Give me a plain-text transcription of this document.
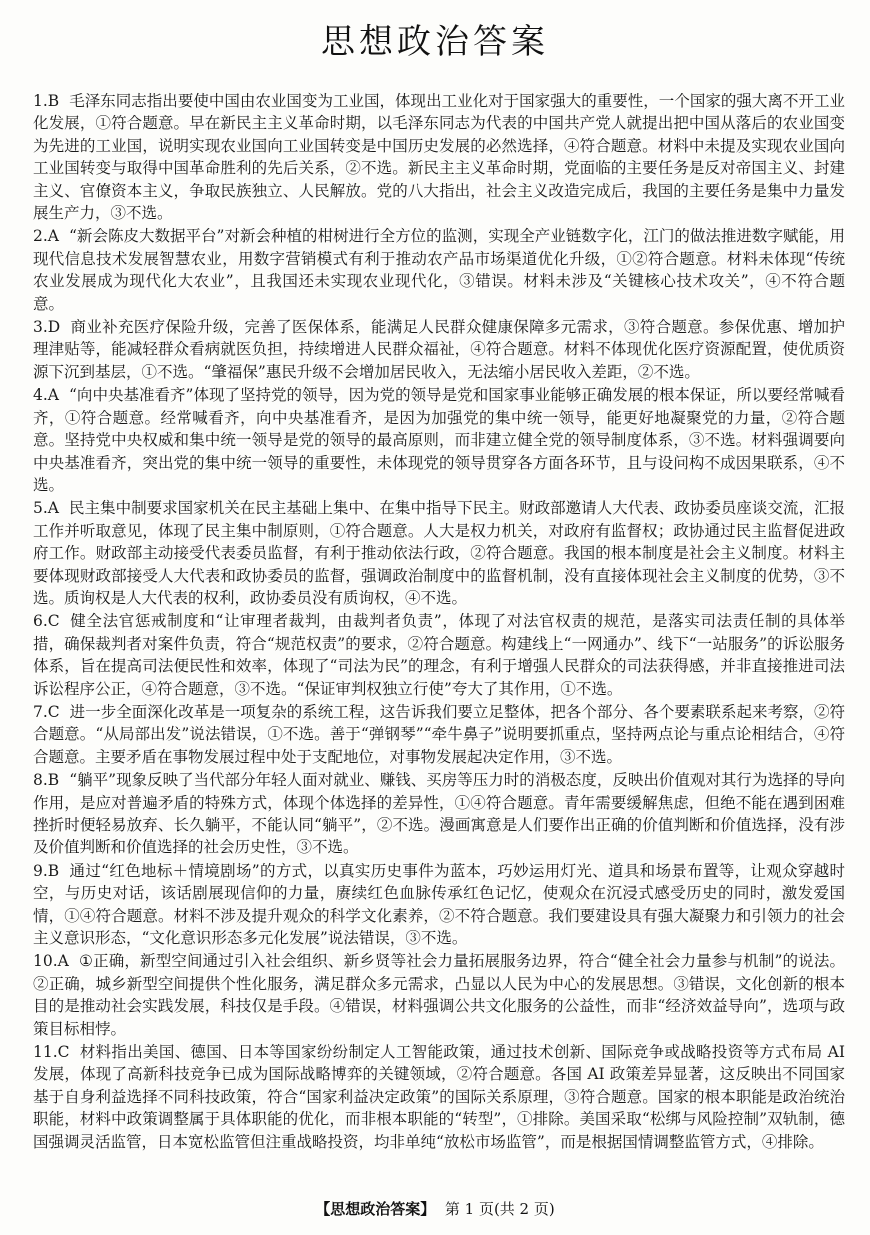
思想政治答案

1.B 毛泽东同志指出要使中国由农业国变为工业国，体现出工业化对于国家强大的重要性，一个国家的强大离不开工业化发展，①符合题意。早在新民主主义革命时期，以毛泽东同志为代表的中国共产党人就提出把中国从落后的农业国变为先进的工业国，说明实现农业国向工业国转变是中国历史发展的必然选择，④符合题意。材料中未提及实现农业国向工业国转变与取得中国革命胜利的先后关系，②不选。新民主主义革命时期，党面临的主要任务是反对帝国主义、封建主义、官僚资本主义，争取民族独立、人民解放。党的八大指出，社会主义改造完成后，我国的主要任务是集中力量发展生产力，③不选。

2.A “新会陈皮大数据平台”对新会种植的柑树进行全方位的监测，实现全产业链数字化，江门的做法推进数字赋能，用现代信息技术发展智慧农业，用数字营销模式有利于推动农产品市场渠道优化升级，①②符合题意。材料未体现“传统农业发展成为现代化大农业”，且我国还未实现农业现代化，③错误。材料未涉及“关键核心技术攻关”，④不符合题意。

3.D 商业补充医疗保险升级，完善了医保体系，能满足人民群众健康保障多元需求，③符合题意。参保优惠、增加护理津贴等，能减轻群众看病就医负担，持续增进人民群众福祉，④符合题意。材料不体现优化医疗资源配置，使优质资源下沉到基层，①不选。“肇福保”惠民升级不会增加居民收入，无法缩小居民收入差距，②不选。

4.A “向中央基准看齐”体现了坚持党的领导，因为党的领导是党和国家事业能够正确发展的根本保证，所以要经常喊看齐，①符合题意。经常喊看齐，向中央基准看齐，是因为加强党的集中统一领导，能更好地凝聚党的力量，②符合题意。坚持党中央权威和集中统一领导是党的领导的最高原则，而非建立健全党的领导制度体系，③不选。材料强调要向中央基准看齐，突出党的集中统一领导的重要性，未体现党的领导贯穿各方面各环节，且与设问构不成因果联系，④不选。

5.A 民主集中制要求国家机关在民主基础上集中、在集中指导下民主。财政部邀请人大代表、政协委员座谈交流，汇报工作并听取意见，体现了民主集中制原则，①符合题意。人大是权力机关，对政府有监督权；政协通过民主监督促进政府工作。财政部主动接受代表委员监督，有利于推动依法行政，②符合题意。我国的根本制度是社会主义制度。材料主要体现财政部接受人大代表和政协委员的监督，强调政治制度中的监督机制，没有直接体现社会主义制度的优势，③不选。质询权是人大代表的权利，政协委员没有质询权，④不选。

6.C 健全法官惩戒制度和“让审理者裁判，由裁判者负责”，体现了对法官权责的规范，是落实司法责任制的具体举措，确保裁判者对案件负责，符合“规范权责”的要求，②符合题意。构建线上“一网通办”、线下“一站服务”的诉讼服务体系，旨在提高司法便民性和效率，体现了“司法为民”的理念，有利于增强人民群众的司法获得感，并非直接推进司法诉讼程序公正，④符合题意，③不选。“保证审判权独立行使”夸大了其作用，①不选。

7.C 进一步全面深化改革是一项复杂的系统工程，这告诉我们要立足整体，把各个部分、各个要素联系起来考察，②符合题意。“从局部出发”说法错误，①不选。善于“弹钢琴”“牵牛鼻子”说明要抓重点，坚持两点论与重点论相结合，④符合题意。主要矛盾在事物发展过程中处于支配地位，对事物发展起决定作用，③不选。

8.B “躺平”现象反映了当代部分年轻人面对就业、赚钱、买房等压力时的消极态度，反映出价值观对其行为选择的导向作用，是应对普遍矛盾的特殊方式，体现个体选择的差异性，①④符合题意。青年需要缓解焦虑，但绝不能在遇到困难挫折时便轻易放弃、长久躺平，不能认同“躺平”，②不选。漫画寓意是人们要作出正确的价值判断和价值选择，没有涉及价值判断和价值选择的社会历史性，③不选。

9.B 通过“红色地标＋情境剧场”的方式，以真实历史事件为蓝本，巧妙运用灯光、道具和场景布置等，让观众穿越时空，与历史对话，该话剧展现信仰的力量，赓续红色血脉传承红色记忆，使观众在沉浸式感受历史的同时，激发爱国情，①④符合题意。材料不涉及提升观众的科学文化素养，②不符合题意。我们要建设具有强大凝聚力和引领力的社会主义意识形态，“文化意识形态多元化发展”说法错误，③不选。

10.A ①正确，新型空间通过引入社会组织、新乡贤等社会力量拓展服务边界，符合“健全社会力量参与机制”的说法。②正确，城乡新型空间提供个性化服务，满足群众多元需求，凸显以人民为中心的发展思想。③错误，文化创新的根本目的是推动社会实践发展，科技仅是手段。④错误，材料强调公共文化服务的公益性，而非“经济效益导向”，选项与政策目标相悖。

11.C 材料指出美国、德国、日本等国家纷纷制定人工智能政策，通过技术创新、国际竞争或战略投资等方式布局 AI 发展，体现了高新科技竞争已成为国际战略博弈的关键领域，②符合题意。各国 AI 政策差异显著，这反映出不同国家基于自身利益选择不同科技政策，符合“国家利益决定政策”的国际关系原理，③符合题意。国家的根本职能是政治统治职能，材料中政策调整属于具体职能的优化，而非根本职能的“转型”，①排除。美国采取“松绑与风险控制”双轨制，德国强调灵活监管，日本宽松监管但注重战略投资，均非单纯“放松市场监管”，而是根据国情调整监管方式，④排除。

【思想政治答案】 第 1 页(共 2 页)
